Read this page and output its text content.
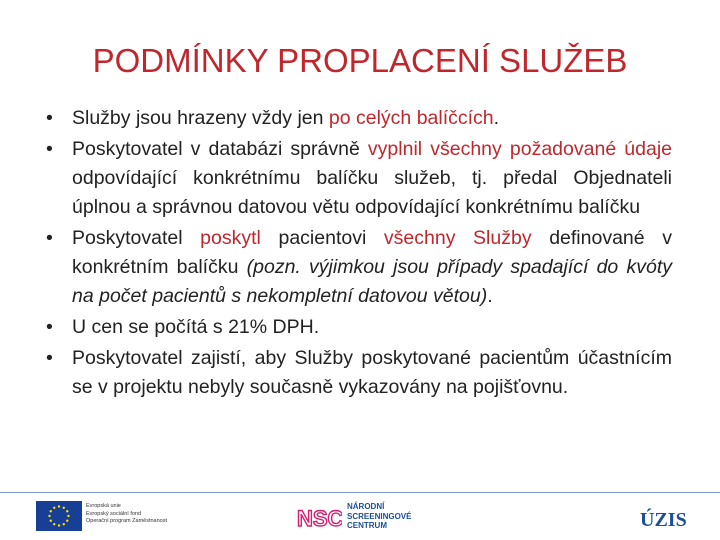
PODMÍNKY PROPLACENÍ SLUŽEB
• Služby jsou hrazeny vždy jen po celých balíčcích.
• Poskytovatel v databázi správně vyplnil všechny požadované údaje odpovídající konkrétnímu balíčku služeb, tj. předal Objednateli úplnou a správnou datovou větu odpovídající konkrétnímu balíčku
• Poskytovatel poskytl pacientovi všechny Služby definované v konkrétním balíčku (pozn. výjimkou jsou případy spadající do kvóty na počet pacientů s nekompletní datovou větou).
• U cen se počítá s 21% DPH.
• Poskytovatel zajistí, aby Služby poskytované pacientům účastnícím se v projektu nebyly současně vykazovány na pojišťovnu.
Evropská unie
Evropský sociální fond
Operační program Zaměstnanost	NSC NÁRODNÍ
SCREENINGOVÉ
CENTRUM	ÚZIS
